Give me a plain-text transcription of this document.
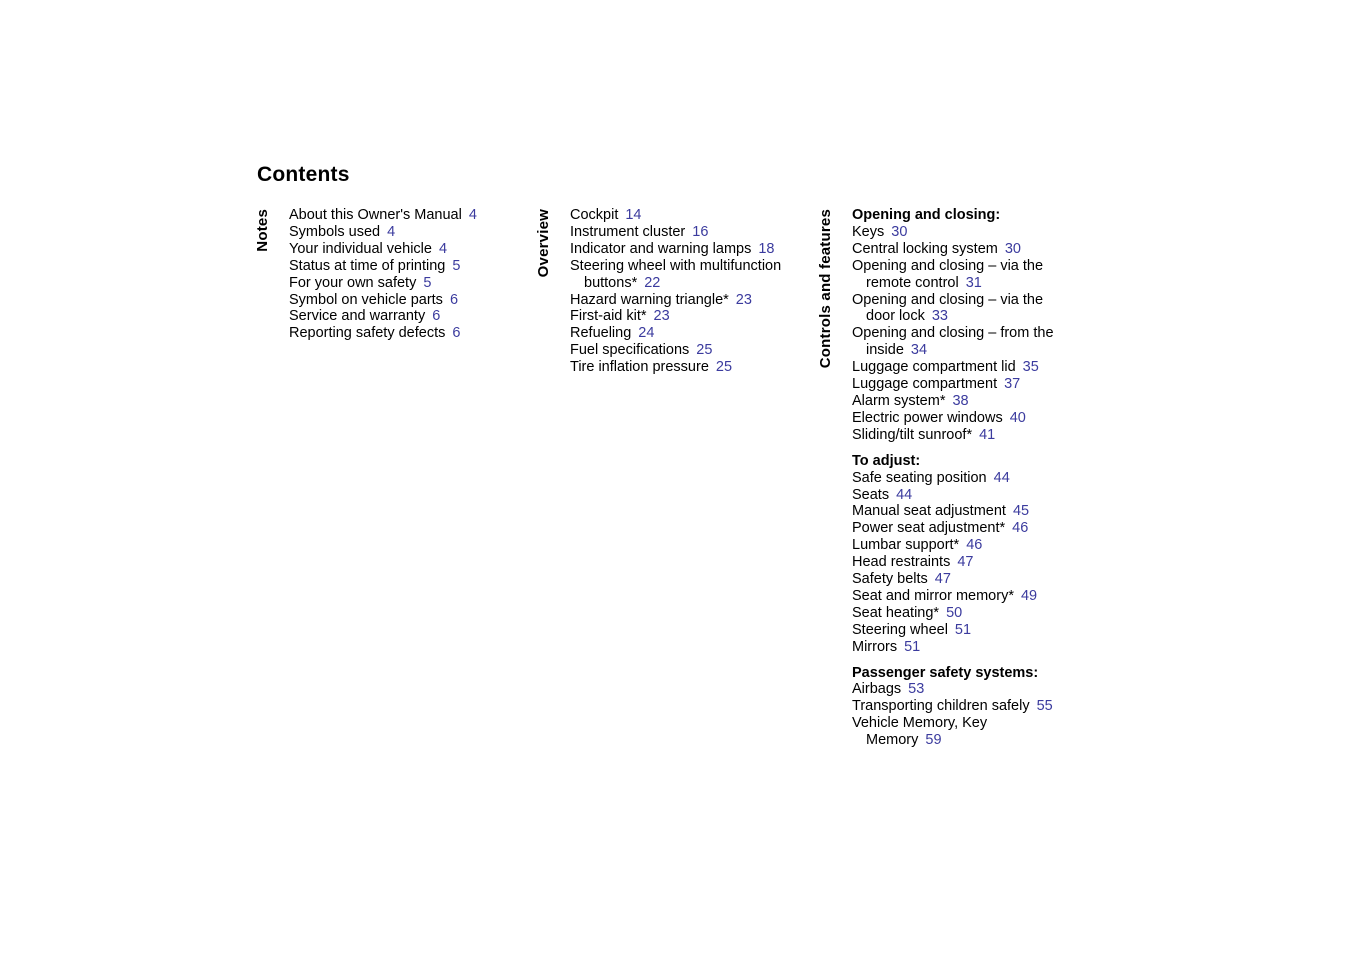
Contents
Notes About this Owner's Manual 4

Symbols used 4

Your individual vehicle 4

Status at time of printing 5

For your own safety 5

Symbol on vehicle parts 6

Service and warranty 6

Reporting safety defects 6

Overview Cockpit 14

Instrument cluster 16

Indicator and warning lamps 18

Steering wheel with multifunction
buttons* 22

Hazard warning triangle* 23

First-aid kit* 23

Refueling 24

Fuel specifications 25

Tire inflation pressure 25	Controls and features Opening and closing:

Keys 30

Central locking system 30

Opening and closing – via the
remote control 31

Opening and closing – via the
door lock 33

Opening and closing – from the
inside 34

Luggage compartment lid 35

Luggage compartment 37

Alarm system* 38

Electric power windows 40

Sliding/tilt sunroof* 41

To adjust:

Safe seating position 44

Seats 44

Manual seat adjustment 45

Power seat adjustment* 46

Lumbar support* 46

Head restraints 47

Safety belts 47

Seat and mirror memory* 49

Seat heating* 50

Steering wheel 51

Mirrors 51

Passenger safety systems:

Airbags 53

Transporting children safely 55

Vehicle Memory, Key
Memory 59
